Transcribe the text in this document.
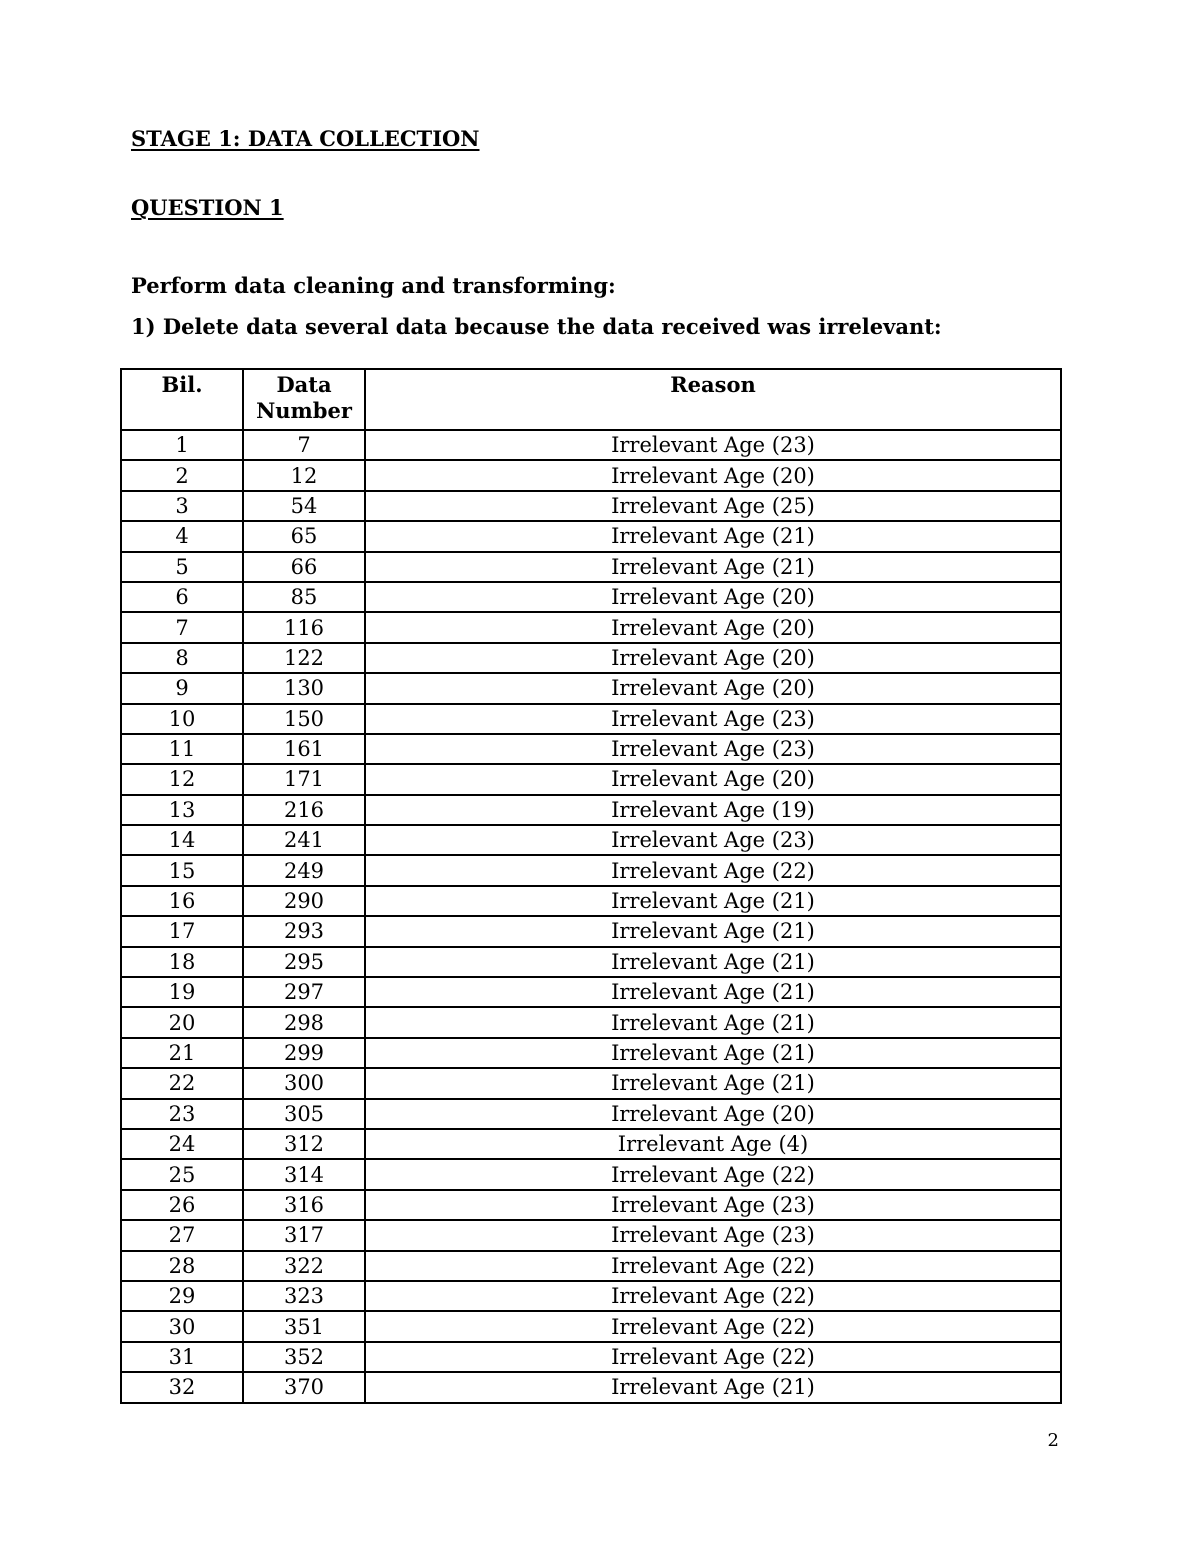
STAGE 1: DATA COLLECTION
QUESTION 1

Perform data cleaning and transforming:

1) Delete data several data because the data received was irrelevant:

Bil.	Data Number	Reason
1	7	Irrelevant Age (23)
2	12	Irrelevant Age (20)
3	54	Irrelevant Age (25)
4	65	Irrelevant Age (21)
5	66	Irrelevant Age (21)
6	85	Irrelevant Age (20)
7	116	Irrelevant Age (20)
8	122	Irrelevant Age (20)
9	130	Irrelevant Age (20)
10	150	Irrelevant Age (23)
11	161	Irrelevant Age (23)
12	171	Irrelevant Age (20)
13	216	Irrelevant Age (19)
14	241	Irrelevant Age (23)
15	249	Irrelevant Age (22)
16	290	Irrelevant Age (21)
17	293	Irrelevant Age (21)
18	295	Irrelevant Age (21)
19	297	Irrelevant Age (21)
20	298	Irrelevant Age (21)
21	299	Irrelevant Age (21)
22	300	Irrelevant Age (21)
23	305	Irrelevant Age (20)
24	312	Irrelevant Age (4)
25	314	Irrelevant Age (22)
26	316	Irrelevant Age (23)
27	317	Irrelevant Age (23)
28	322	Irrelevant Age (22)
29	323	Irrelevant Age (22)
30	351	Irrelevant Age (22)
31	352	Irrelevant Age (22)
32	370	Irrelevant Age (21)

2
